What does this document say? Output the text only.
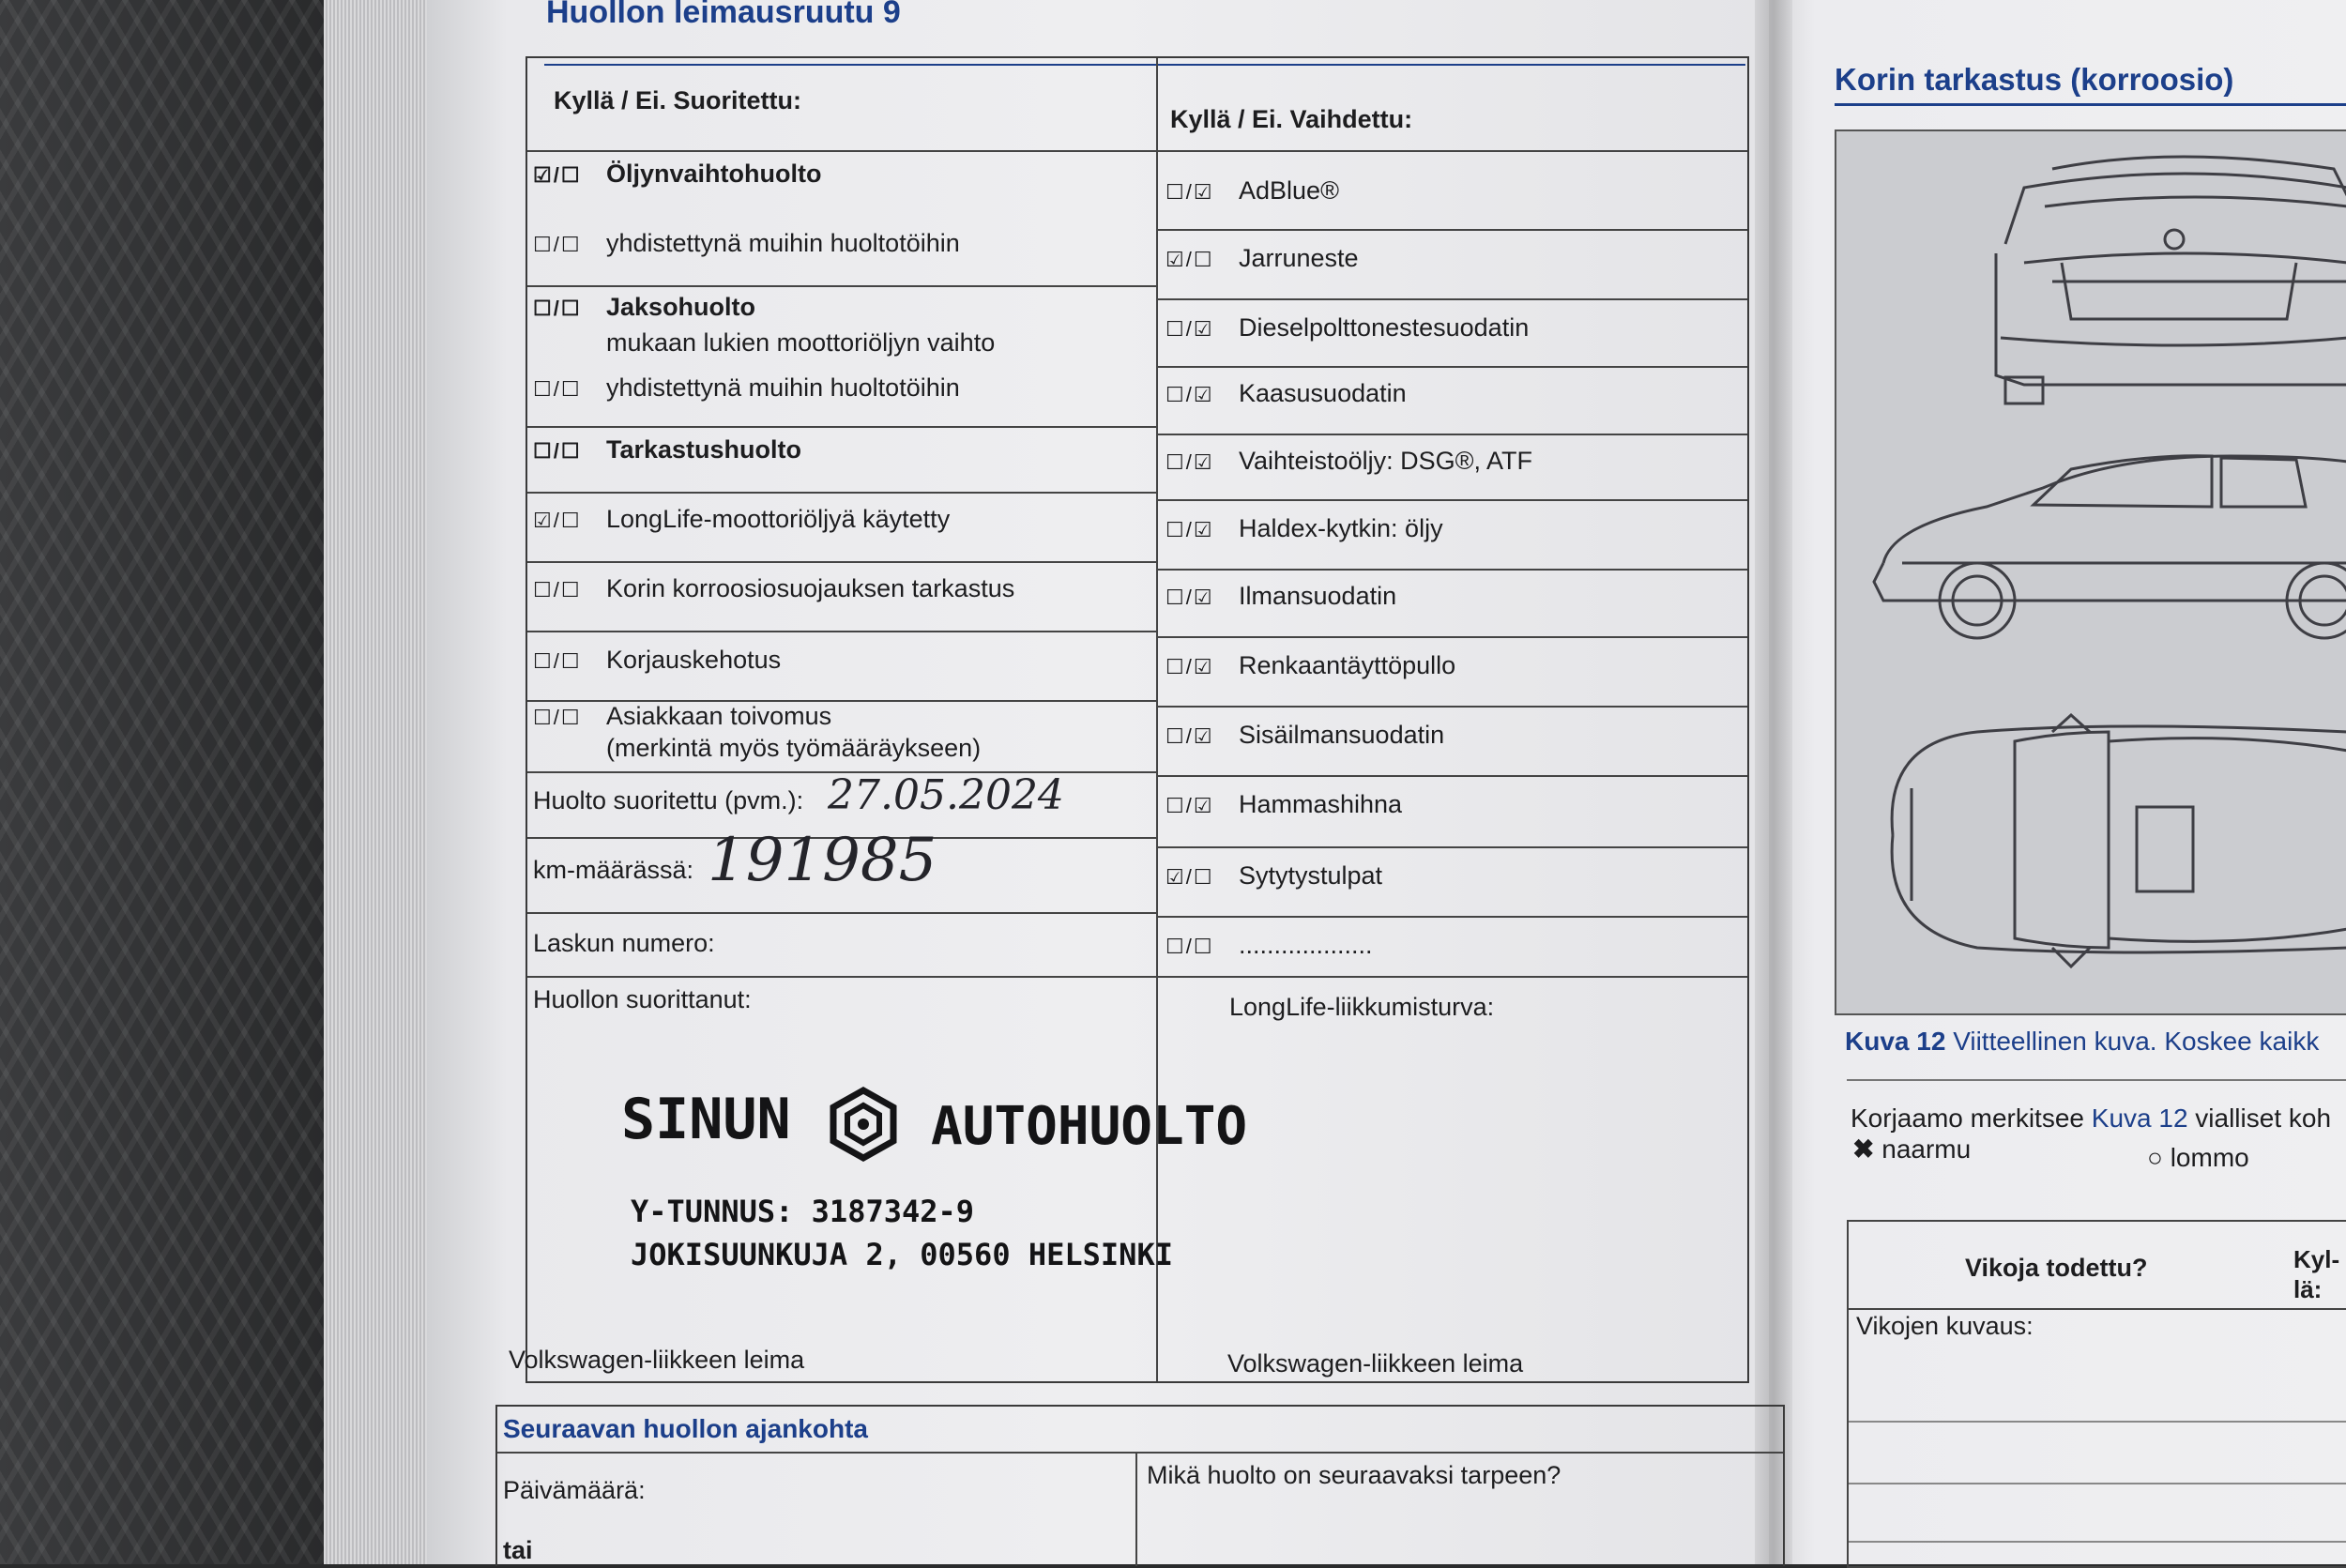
Huollon leimausruutu 9
Kyllä / Ei. Suoritettu:
Kyllä / Ei. Vaihdettu:
☑/☐ Öljynvaihtohuolto
☐/☐ yhdistettynä muihin huoltotöihin
☐/☐ Jaksohuolto
mukaan lukien moottoriöljyn vaihto
☐/☐ yhdistettynä muihin huoltotöihin
☐/☐ Tarkastushuolto
☑/☐ LongLife-moottoriöljyä käytetty
☐/☐ Korin korroosiosuojauksen tarkastus
☐/☐ Korjauskehotus
☐/☐ Asiakkaan toivomus
(merkintä myös työmääräykseen)
Huolto suoritettu (pvm.): 27.05.2024
km-määrässä: 191985
Laskun numero:
Huollon suorittanut:
Volkswagen-liikkeen leima
☐/☑ AdBlue®
☑/☐ Jarruneste
☐/☑ Dieselpolttonestesuodatin
☐/☑ Kaasusuodatin
☐/☑ Vaihteistoöljy: DSG®, ATF
☐/☑ Haldex-kytkin: öljy
☐/☑ Ilmansuodatin
☐/☑ Renkaantäyttöpullo
☐/☑ Sisäilmansuodatin
☐/☑ Hammashihna
☑/☐ Sytytystulpat
☐/☐ ...................
LongLife-liikkumisturva:
Volkswagen-liikkeen leima
SINUN	AUTOHUOLTO
Y-TUNNUS: 3187342-9
JOKISUUNKUJA 2, 00560 HELSINKI
Seuraavan huollon ajankohta
Päivämäärä:
tai
Mikä huolto on seuraavaksi tarpeen?
Korin tarkastus (korroosio)
Kuva 12 Viitteellinen kuva. Koskee kaikk
Korjaamo merkitsee Kuva 12 vialliset koh
✖ naarmu	○ lommo
Vikoja todettu?	Kyl-
lä:
Vikojen kuvaus:
